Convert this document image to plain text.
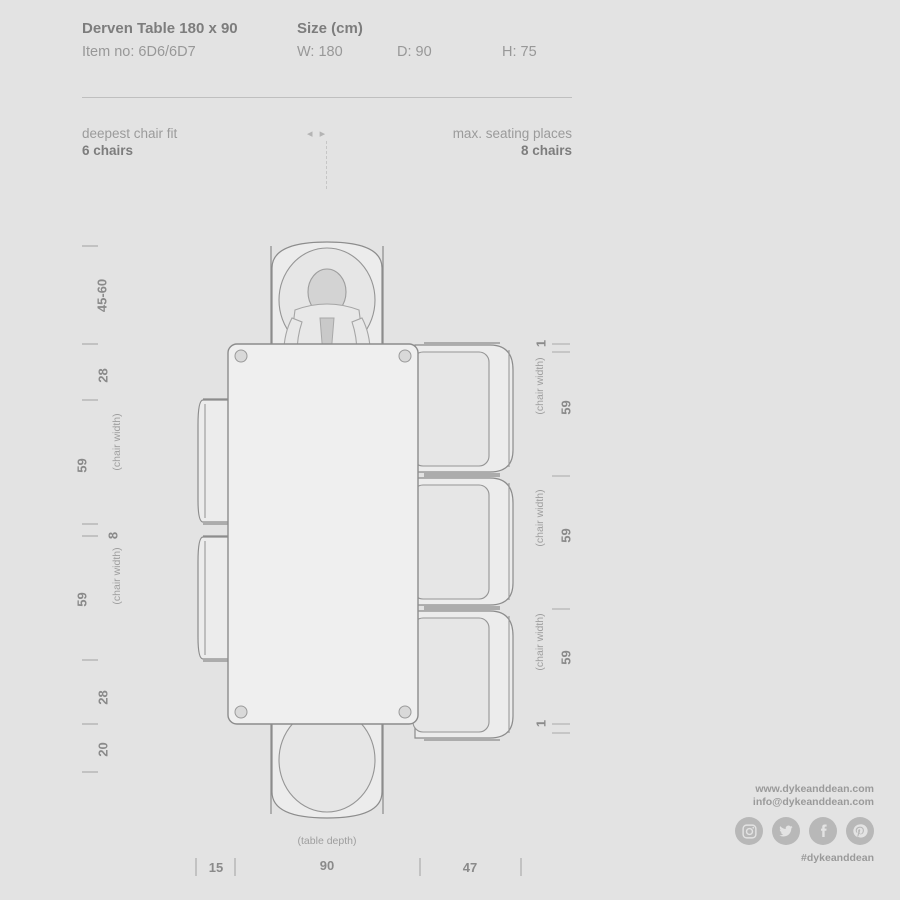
Derven Table 180 x 90	Size (cm)
Item no: 6D6/6D7	W: 180	D: 90	H: 75
deepest chair fit
6 chairs
◂ ▸	max. seating places
8 chairs
45-60
28
59 (chair width)
8
59 (chair width)
28
20
1
59
(chair width)
59
(chair width)
59
(chair width)
1
(table depth)
15	90	47
www.dykeanddean.com
info@dykeanddean.com
#dykeanddean
